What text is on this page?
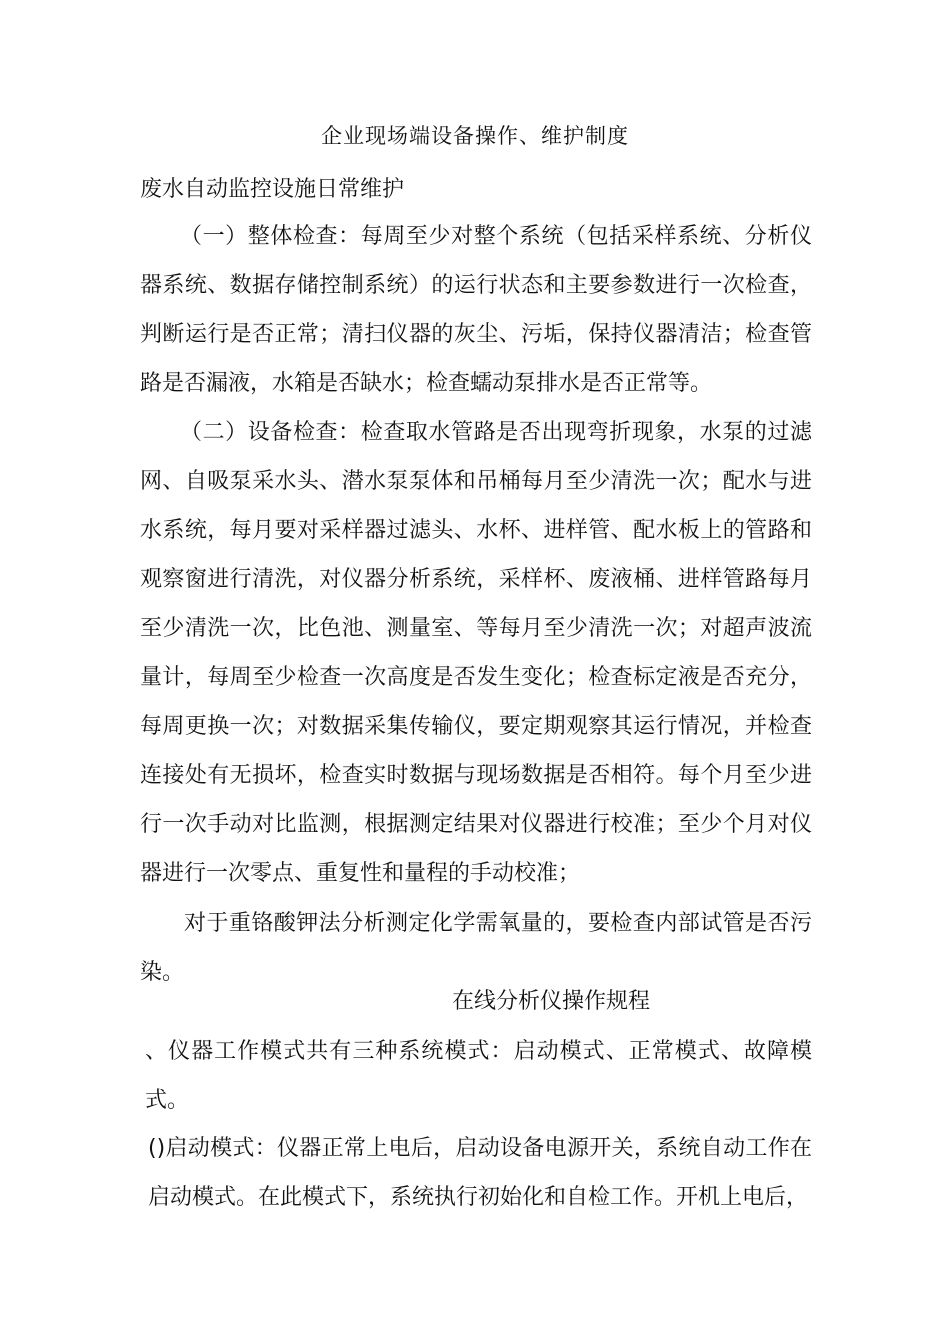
企业现场端设备操作、维护制度
废水自动监控设施日常维护
（一）整体检查：每周至少对整个系统（包括采样系统、分析仪器系统、数据存储控制系统）的运行状态和主要参数进行一次检查，判断运行是否正常；清扫仪器的灰尘、污垢，保持仪器清洁；检查管路是否漏液，水箱是否缺水；检查蠕动泵排水是否正常等。
（二）设备检查：检查取水管路是否出现弯折现象，水泵的过滤网、自吸泵采水头、潜水泵泵体和吊桶每月至少清洗一次；配水与进水系统，每月要对采样器过滤头、水杯、进样管、配水板上的管路和观察窗进行清洗，对仪器分析系统，采样杯、废液桶、进样管路每月至少清洗一次，比色池、测量室、等每月至少清洗一次；对超声波流量计，每周至少检查一次高度是否发生变化；检查标定液是否充分，每周更换一次；对数据采集传输仪，要定期观察其运行情况，并检查连接处有无损坏，检查实时数据与现场数据是否相符。每个月至少进行一次手动对比监测，根据测定结果对仪器进行校准；至少个月对仪器进行一次零点、重复性和量程的手动校准；
对于重铬酸钾法分析测定化学需氧量的，要检查内部试管是否污染。
在线分析仪操作规程
、仪器工作模式共有三种系统模式：启动模式、正常模式、故障模式。
()启动模式：仪器正常上电后，启动设备电源开关，系统自动工作在启动模式。在此模式下，系统执行初始化和自检工作。开机上电后，
